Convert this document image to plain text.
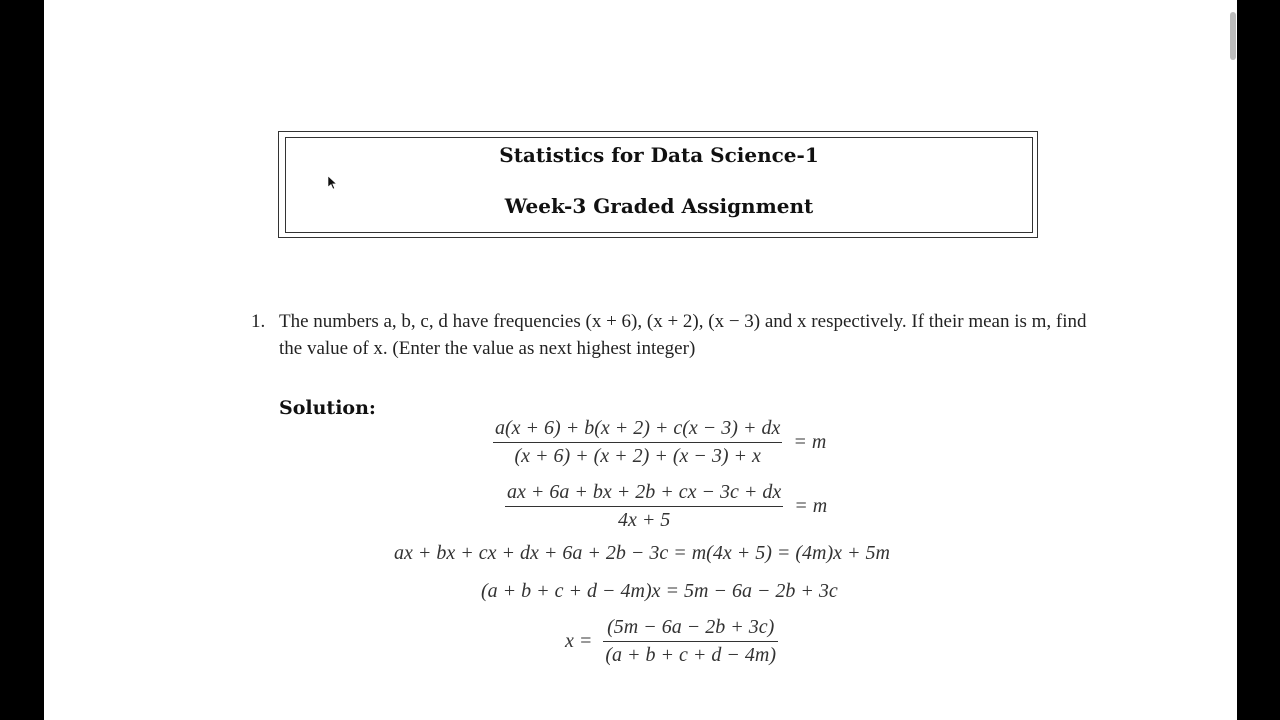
Statistics for Data Science-1
Week-3 Graded Assignment
1. The numbers a, b, c, d have frequencies (x + 6), (x + 2), (x − 3) and x respectively. If their mean is m, find the value of x. (Enter the value as next highest integer)
Solution:
$\frac{a(x + 6) + b(x + 2) + c(x - 3) + dx}{(x + 6) + (x + 2) + (x - 3) + x} = m$
$\frac{ax + 6a + bx + 2b + cx - 3c + dx}{4x + 5} = m$
ax + bx + cx + dx + 6a + 2b − 3c = m(4x + 5) = (4m)x + 5m
(a + b + c + d − 4m)x = 5m − 6a − 2b + 3c
$x = \frac{(5m - 6a - 2b + 3c)}{(a + b + c + d - 4m)}$
